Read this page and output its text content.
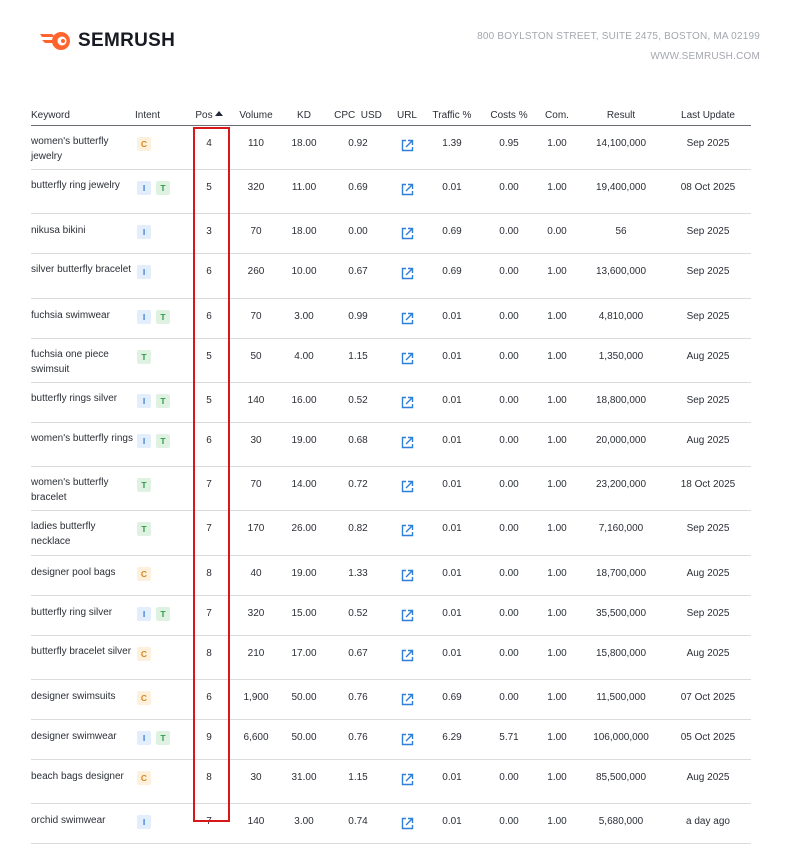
SEMRUSH	800 BOYLSTON STREET, SUITE 2475, BOSTON, MA 02199
WWW.SEMRUSH.COM
Keyword	Intent	Pos	Volume	KD	CPC  USD	URL	Traffic %	Costs %	Com.	Result	Last Update
women's butterfly jewelry	C	4	110	18.00	0.92		1.39	0.95	1.00	14,100,000	Sep 2025
butterfly ring jewelry	I T	5	320	11.00	0.69		0.01	0.00	1.00	19,400,000	08 Oct 2025
nikusa bikini	I	3	70	18.00	0.00		0.69	0.00	0.00	56	Sep 2025
silver butterfly bracelet	I	6	260	10.00	0.67		0.69	0.00	1.00	13,600,000	Sep 2025
fuchsia swimwear	I T	6	70	3.00	0.99		0.01	0.00	1.00	4,810,000	Sep 2025
fuchsia one piece swimsuit	T	5	50	4.00	1.15		0.01	0.00	1.00	1,350,000	Aug 2025
butterfly rings silver	I T	5	140	16.00	0.52		0.01	0.00	1.00	18,800,000	Sep 2025
women's butterfly rings	I T	6	30	19.00	0.68		0.01	0.00	1.00	20,000,000	Aug 2025
women's butterfly bracelet	T	7	70	14.00	0.72		0.01	0.00	1.00	23,200,000	18 Oct 2025
ladies butterfly necklace	T	7	170	26.00	0.82		0.01	0.00	1.00	7,160,000	Sep 2025
designer pool bags	C	8	40	19.00	1.33		0.01	0.00	1.00	18,700,000	Aug 2025
butterfly ring silver	I T	7	320	15.00	0.52		0.01	0.00	1.00	35,500,000	Sep 2025
butterfly bracelet silver	C	8	210	17.00	0.67		0.01	0.00	1.00	15,800,000	Aug 2025
designer swimsuits	C	6	1,900	50.00	0.76		0.69	0.00	1.00	11,500,000	07 Oct 2025
designer swimwear	I T	9	6,600	50.00	0.76		6.29	5.71	1.00	106,000,000	05 Oct 2025
beach bags designer	C	8	30	31.00	1.15		0.01	0.00	1.00	85,500,000	Aug 2025
orchid swimwear	I	7	140	3.00	0.74		0.01	0.00	1.00	5,680,000	a day ago
